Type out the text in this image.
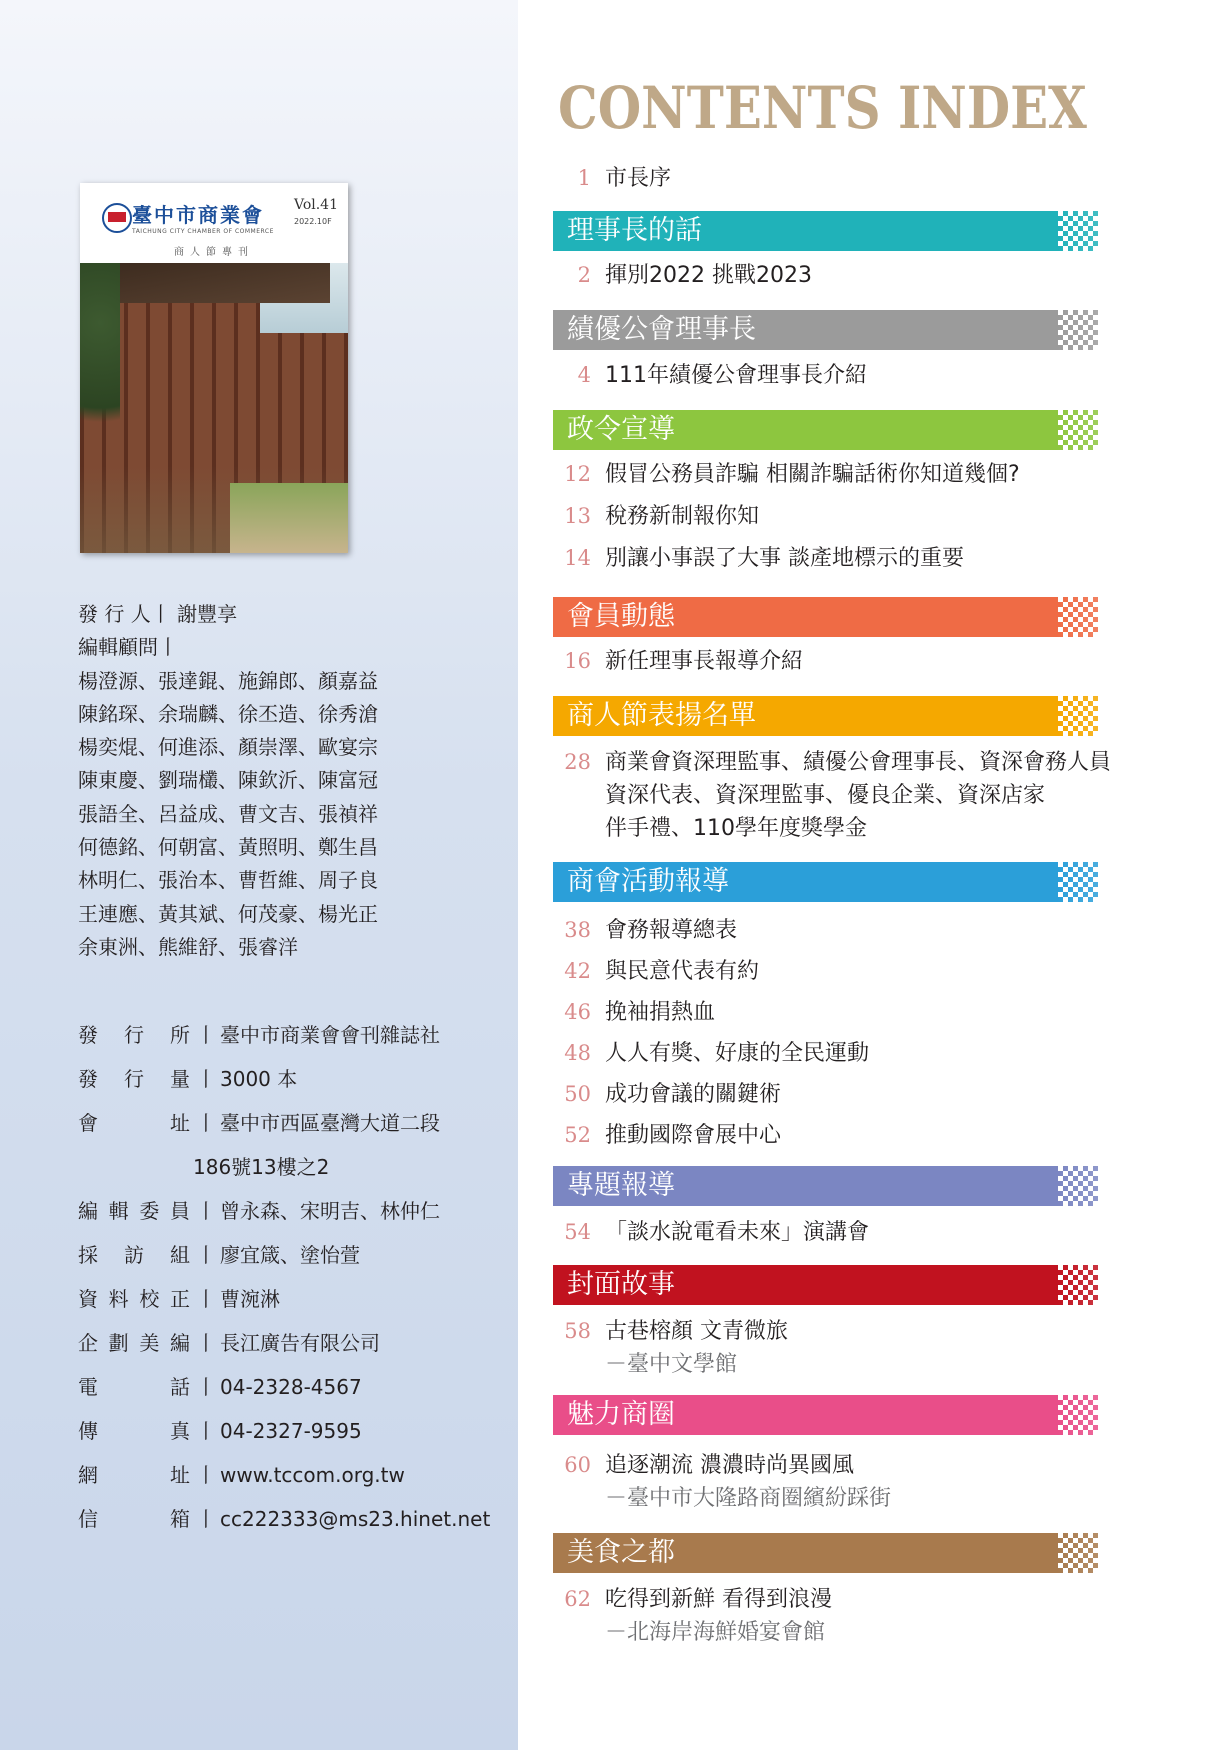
臺中市商業會
TAICHUNG CITY CHAMBER OF COMMERCE
Vol.41
2022.10F
商人節專刊
發 行 人丨 謝豐享
編輯顧問丨
楊澄源、張達錕、施錦郎、顏嘉益
陳銘琛、余瑞麟、徐丕造、徐秀滄
楊奕焜、何進添、顏崇澤、歐宴宗
陳東慶、劉瑞欉、陳欽沂、陳富冠
張語全、呂益成、曹文吉、張禎祥
何德銘、何朝富、黃照明、鄭生昌
林明仁、張治本、曹哲維、周子良
王連應、黃其斌、何茂豪、楊光正
余東洲、熊維舒、張睿洋
發 行 所 丨 臺中市商業會會刊雜誌社
發 行 量 丨 3000 本
會 址 丨 臺中市西區臺灣大道二段
186號13樓之2
編輯委員 丨 曾永森、宋明吉、林仲仁
採 訪 組 丨 廖宜箴、塗怡萱
資料校正 丨 曹涴淋
企劃美編 丨 長江廣告有限公司
電 話 丨 04-2328-4567
傳 真 丨 04-2327-9595
網 址 丨 www.tccom.org.tw
信 箱 丨 cc222333@ms23.hinet.net
CONTENTS INDEX
理事長的話
績優公會理事長
政令宣導
會員動態
商人節表揚名單
商會活動報導
專題報導
封面故事
魅力商圈
美食之都
1 市長序
2 揮別2022 挑戰2023
4 111年績優公會理事長介紹
12 假冒公務員詐騙 相關詐騙話術你知道幾個?
13 稅務新制報你知
14 別讓小事誤了大事 談產地標示的重要
16 新任理事長報導介紹
28 商業會資深理監事、績優公會理事長、資深會務人員
資深代表、資深理監事、優良企業、資深店家
伴手禮、110學年度獎學金
38 會務報導總表
42 與民意代表有約
46 挽袖捐熱血
48 人人有獎、好康的全民運動
50 成功會議的關鍵術
52 推動國際會展中心
54 「談水說電看未來」演講會
58 古巷榕顏 文青微旅
－臺中文學館
60 追逐潮流 濃濃時尚異國風
－臺中市大隆路商圈繽紛踩街
62 吃得到新鮮 看得到浪漫
－北海岸海鮮婚宴會館
